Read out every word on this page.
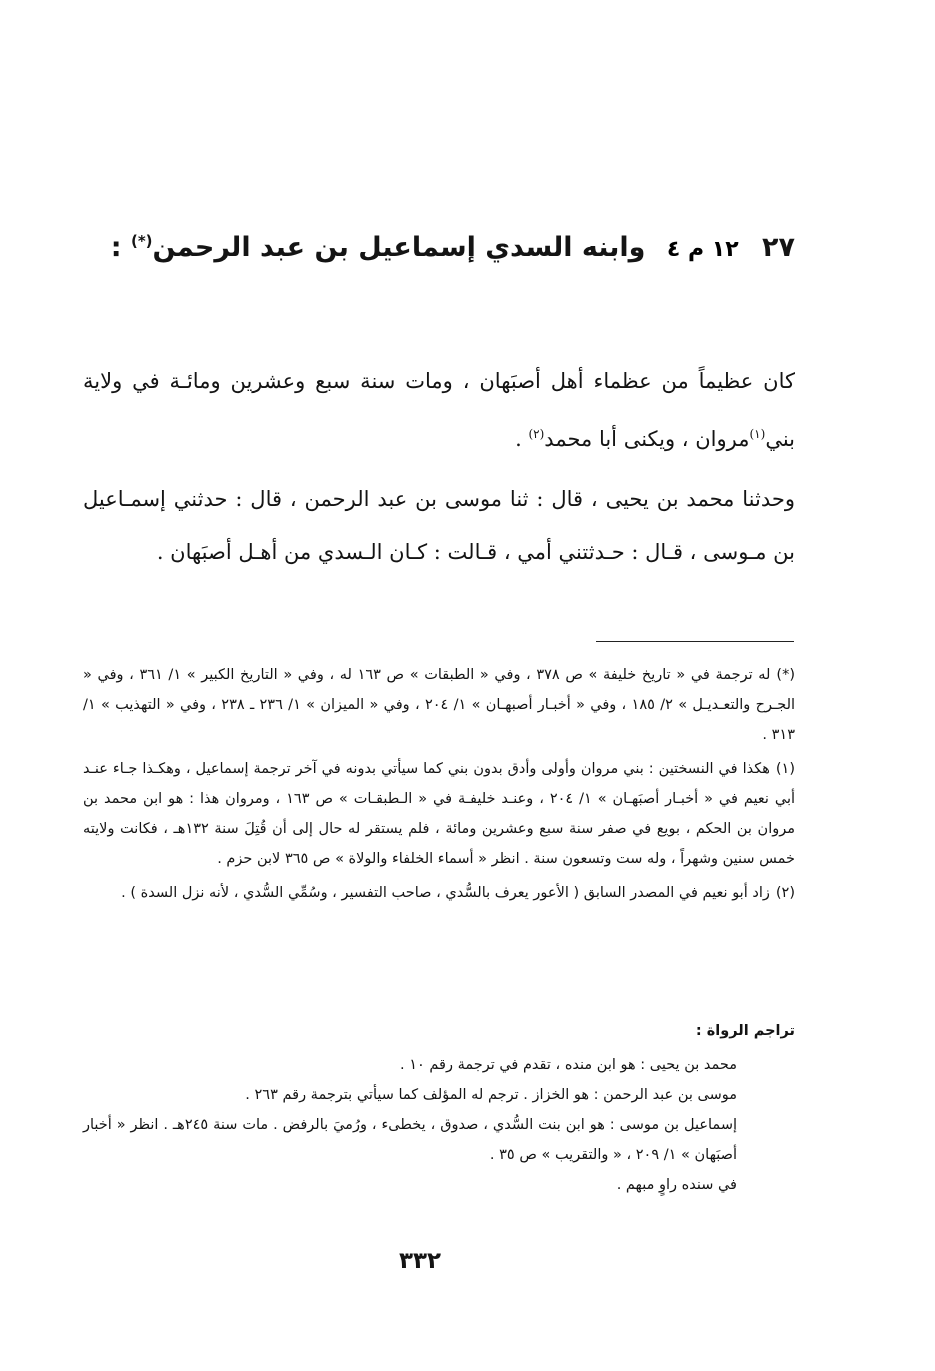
٢٧ ١٢ م ٤ وابنه السدي إسماعيل بن عبد الرحمن(*) :
كان عظيماً من عظماء أهل أصبَهان ، ومات سنة سبع وعشرين ومائـة في ولاية بني$^{(١)}$مروان ، ويكنى أبا محمد$^{(٢)}$ .
وحدثنا محمد بن يحيى ، قال : ثنا موسى بن عبد الرحمن ، قال : حدثني إسمـاعيل بن مـوسى ، قـال : حـدثتني أمي ، قـالت : كـان الـسدي من أهـل أصبَهان .
(*)له ترجمة في « تاريخ خليفة » ص ٣٧٨ ، وفي « الطبقات » ص ١٦٣ له ، وفي « التاريخ الكبير » ١/ ٣٦١ ، وفي « الجـرح والتعـديـل » ٢/ ١٨٥ ، وفي « أخبـار أصبهـان » ١/ ٢٠٤ ، وفي « الميزان » ١/ ٢٣٦ ـ ٢٣٨ ، وفي « التهذيب » ١/ ٣١٣ .
(١)هكذا في النسختين : بني مروان وأولى وأدق بدون بني كما سيأتي بدونه في آخر ترجمة إسماعيل ، وهكـذا جـاء عنـد أبي نعيم في « أخبـار أصبَهـان » ١/ ٢٠٤ ، وعنـد خليفـة في « الـطبقـات » ص ١٦٣ ، ومروان هذا : هو ابن محمد بن مروان بن الحكم ، بويع في صفر سنة سبع وعشرين ومائة ، فلم يستقر له حال إلى أن قُتِلَ سنة ١٣٢هـ ، فكانت ولايته خمس سنين وشهراً ، وله ست وتسعون سنة . انظر « أسماء الخلفاء والولاة » ص ٣٦٥ لابن حزم .
(٢)زاد أبو نعيم في المصدر السابق ( الأعور يعرف بالسُّدي ، صاحب التفسير ، وسُمِّي السُّدي ، لأنه نزل السدة ) .
تراجم الرواة :
محمد بن يحيى : هو ابن منده ، تقدم في ترجمة رقم ١٠ .
موسى بن عبد الرحمن : هو الخزاز . ترجم له المؤلف كما سيأتي بترجمة رقم ٢٦٣ .
إسماعيل بن موسى : هو ابن بنت السُّدي ، صدوق ، يخطىء ، ورُميَ بالرفض . مات سنة ٢٤٥هـ . انظر « أخبار أصبَهان » ١/ ٢٠٩ ، « والتقريب » ص ٣٥ .
في سنده راوٍ مبهم .
٣٣٢
